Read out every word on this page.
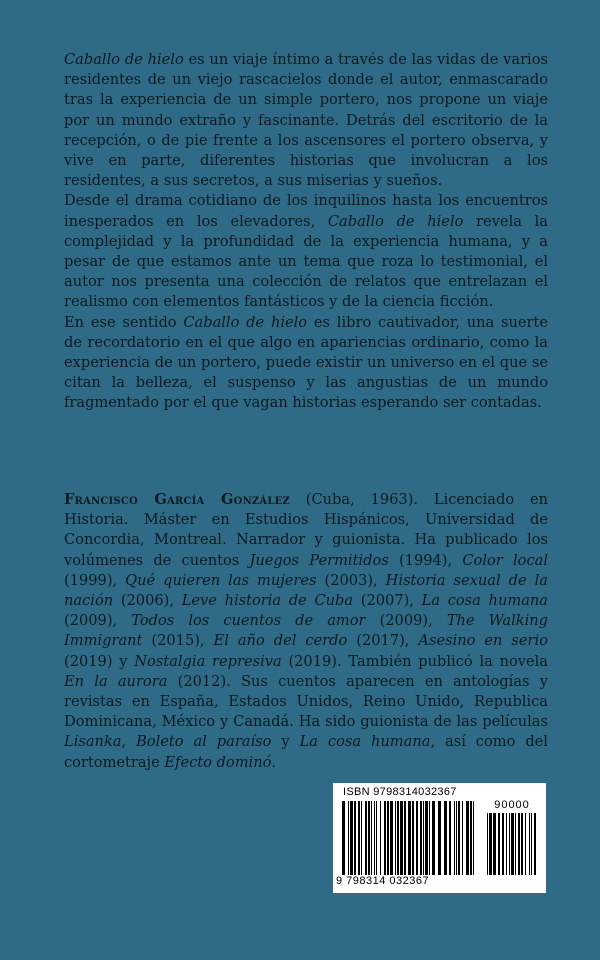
Caballo de hielo es un viaje íntimo a través de las vidas de varios residentes de un viejo rascacielos donde el autor, enmascarado tras la experiencia de un simple portero, nos propone un viaje por un mundo extraño y fascinante. Detrás del escritorio de la recepción, o de pie frente a los ascensores el portero observa, y vive en parte, diferentes historias que involucran a los residentes, a sus secretos, a sus miserias y sueños.

Desde el drama cotidiano de los inquilinos hasta los encuentros inesperados en los elevadores, Caballo de hielo revela la complejidad y la profundidad de la experiencia humana, y a pesar de que estamos ante un tema que roza lo testimonial, el autor nos presenta una colección de relatos que entrelazan el realismo con elementos fantásticos y de la ciencia ficción.

En ese sentido Caballo de hielo es libro cautivador, una suerte de recordatorio en el que algo en apariencias ordinario, como la experiencia de un portero, puede existir un universo en el que se citan la belleza, el suspenso y las angustias de un mundo fragmentado por el que vagan historias esperando ser contadas.

Francisco García González (Cuba, 1963). Licenciado en Historia. Máster en Estudios Hispánicos, Universidad de Concordia, Montreal. Narrador y guionista. Ha publicado los volúmenes de cuentos Juegos Permitidos (1994), Color local (1999), Qué quieren las mujeres (2003), Historia sexual de la nación (2006), Leve historia de Cuba (2007), La cosa humana (2009), Todos los cuentos de amor (2009), The Walking Immigrant (2015), El año del cerdo (2017), Asesino en serio (2019) y Nostalgia represiva (2019). También publicó la novela En la aurora (2012). Sus cuentos aparecen en antologías y revistas en España, Estados Unidos, Reino Unido, Republica Dominicana, México y Canadá. Ha sido guionista de las películas Lisanka, Boleto al paraíso y La cosa humana, así como del cortometraje Efecto dominó.

ISBN 9798314032367
90000
9 798314 032367
